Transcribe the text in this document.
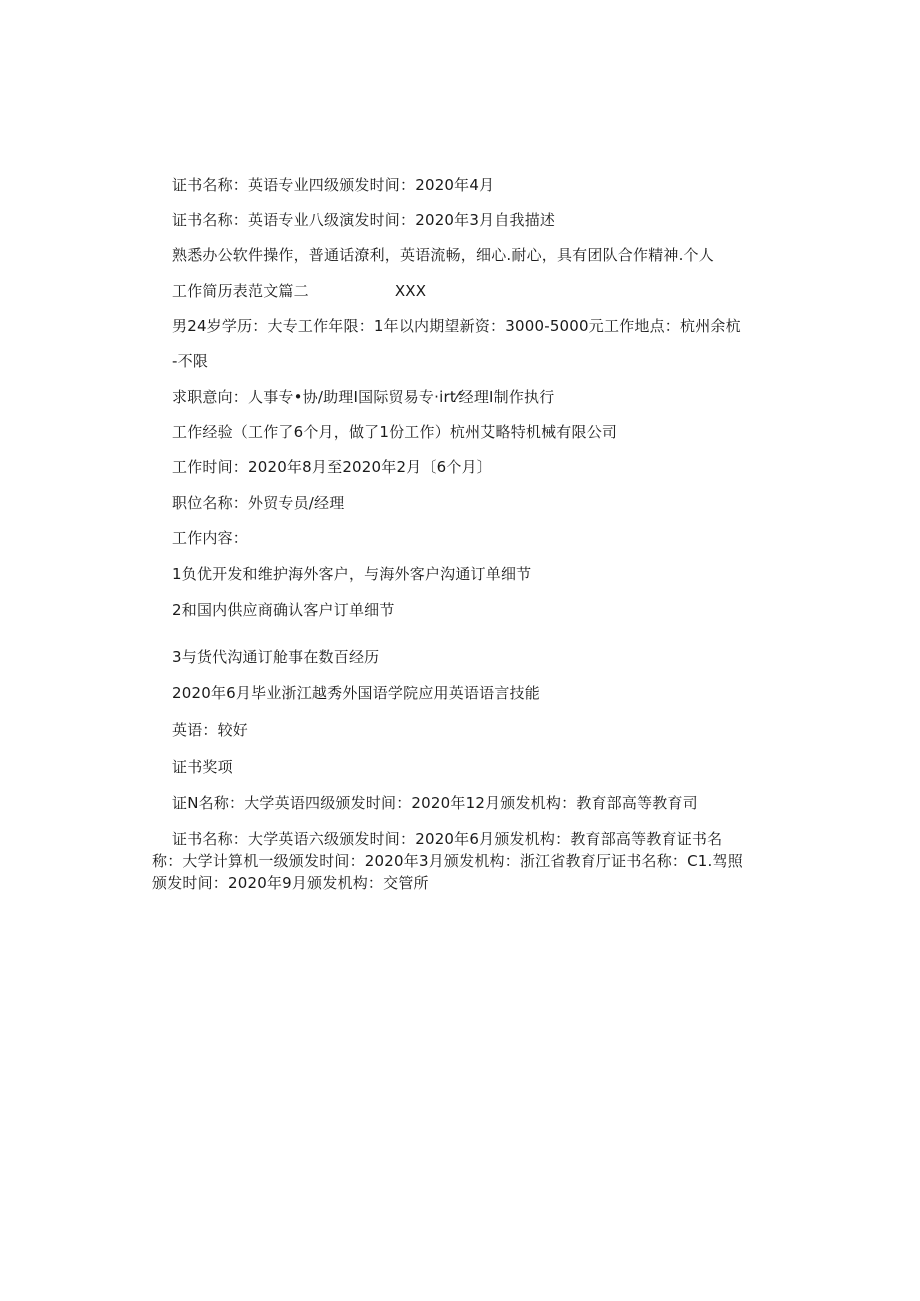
证书名称：英语专业四级颁发时间：2020年4月
证书名称：英语专业八级演发时间：2020年3月自我描述
熟悉办公软件操作，普通话潦利，英语流畅，细心.耐心，具有团队合作精神.个人
工作简历表范文篇二	XXX
男24岁学历：大专工作年限：1年以内期望新资：3000-5000元工作地点：杭州余杭
-不限
求职意向：人事专•协/助理I国际贸易专·irt⁄经理I制作执行
工作经验（工作了6个月，做了1份工作）杭州艾略特机械有限公司
工作时间：2020年8月至2020年2月〔6个月〕
职位名称：外贸专员/经理
工作内容：
1负优开发和维护海外客户，与海外客户沟通订单细节
2和国内供应商确认客户订单细节
3与货代沟通订舱事在数百经历
2020年6月毕业浙江越秀外国语学院应用英语语言技能
英语：较好
证书奖项
证N名称：大学英语四级颁发时间：2020年12月颁发机构：教育部高等教育司
证书名称：大学英语六级颁发时间：2020年6月颁发机构：教育部高等教育证书名
称：大学计算机一级颁发时间：2020年3月颁发机构：浙江省教育厅证书名称：C1.驾照
颁发时间：2020年9月颁发机构：交管所
